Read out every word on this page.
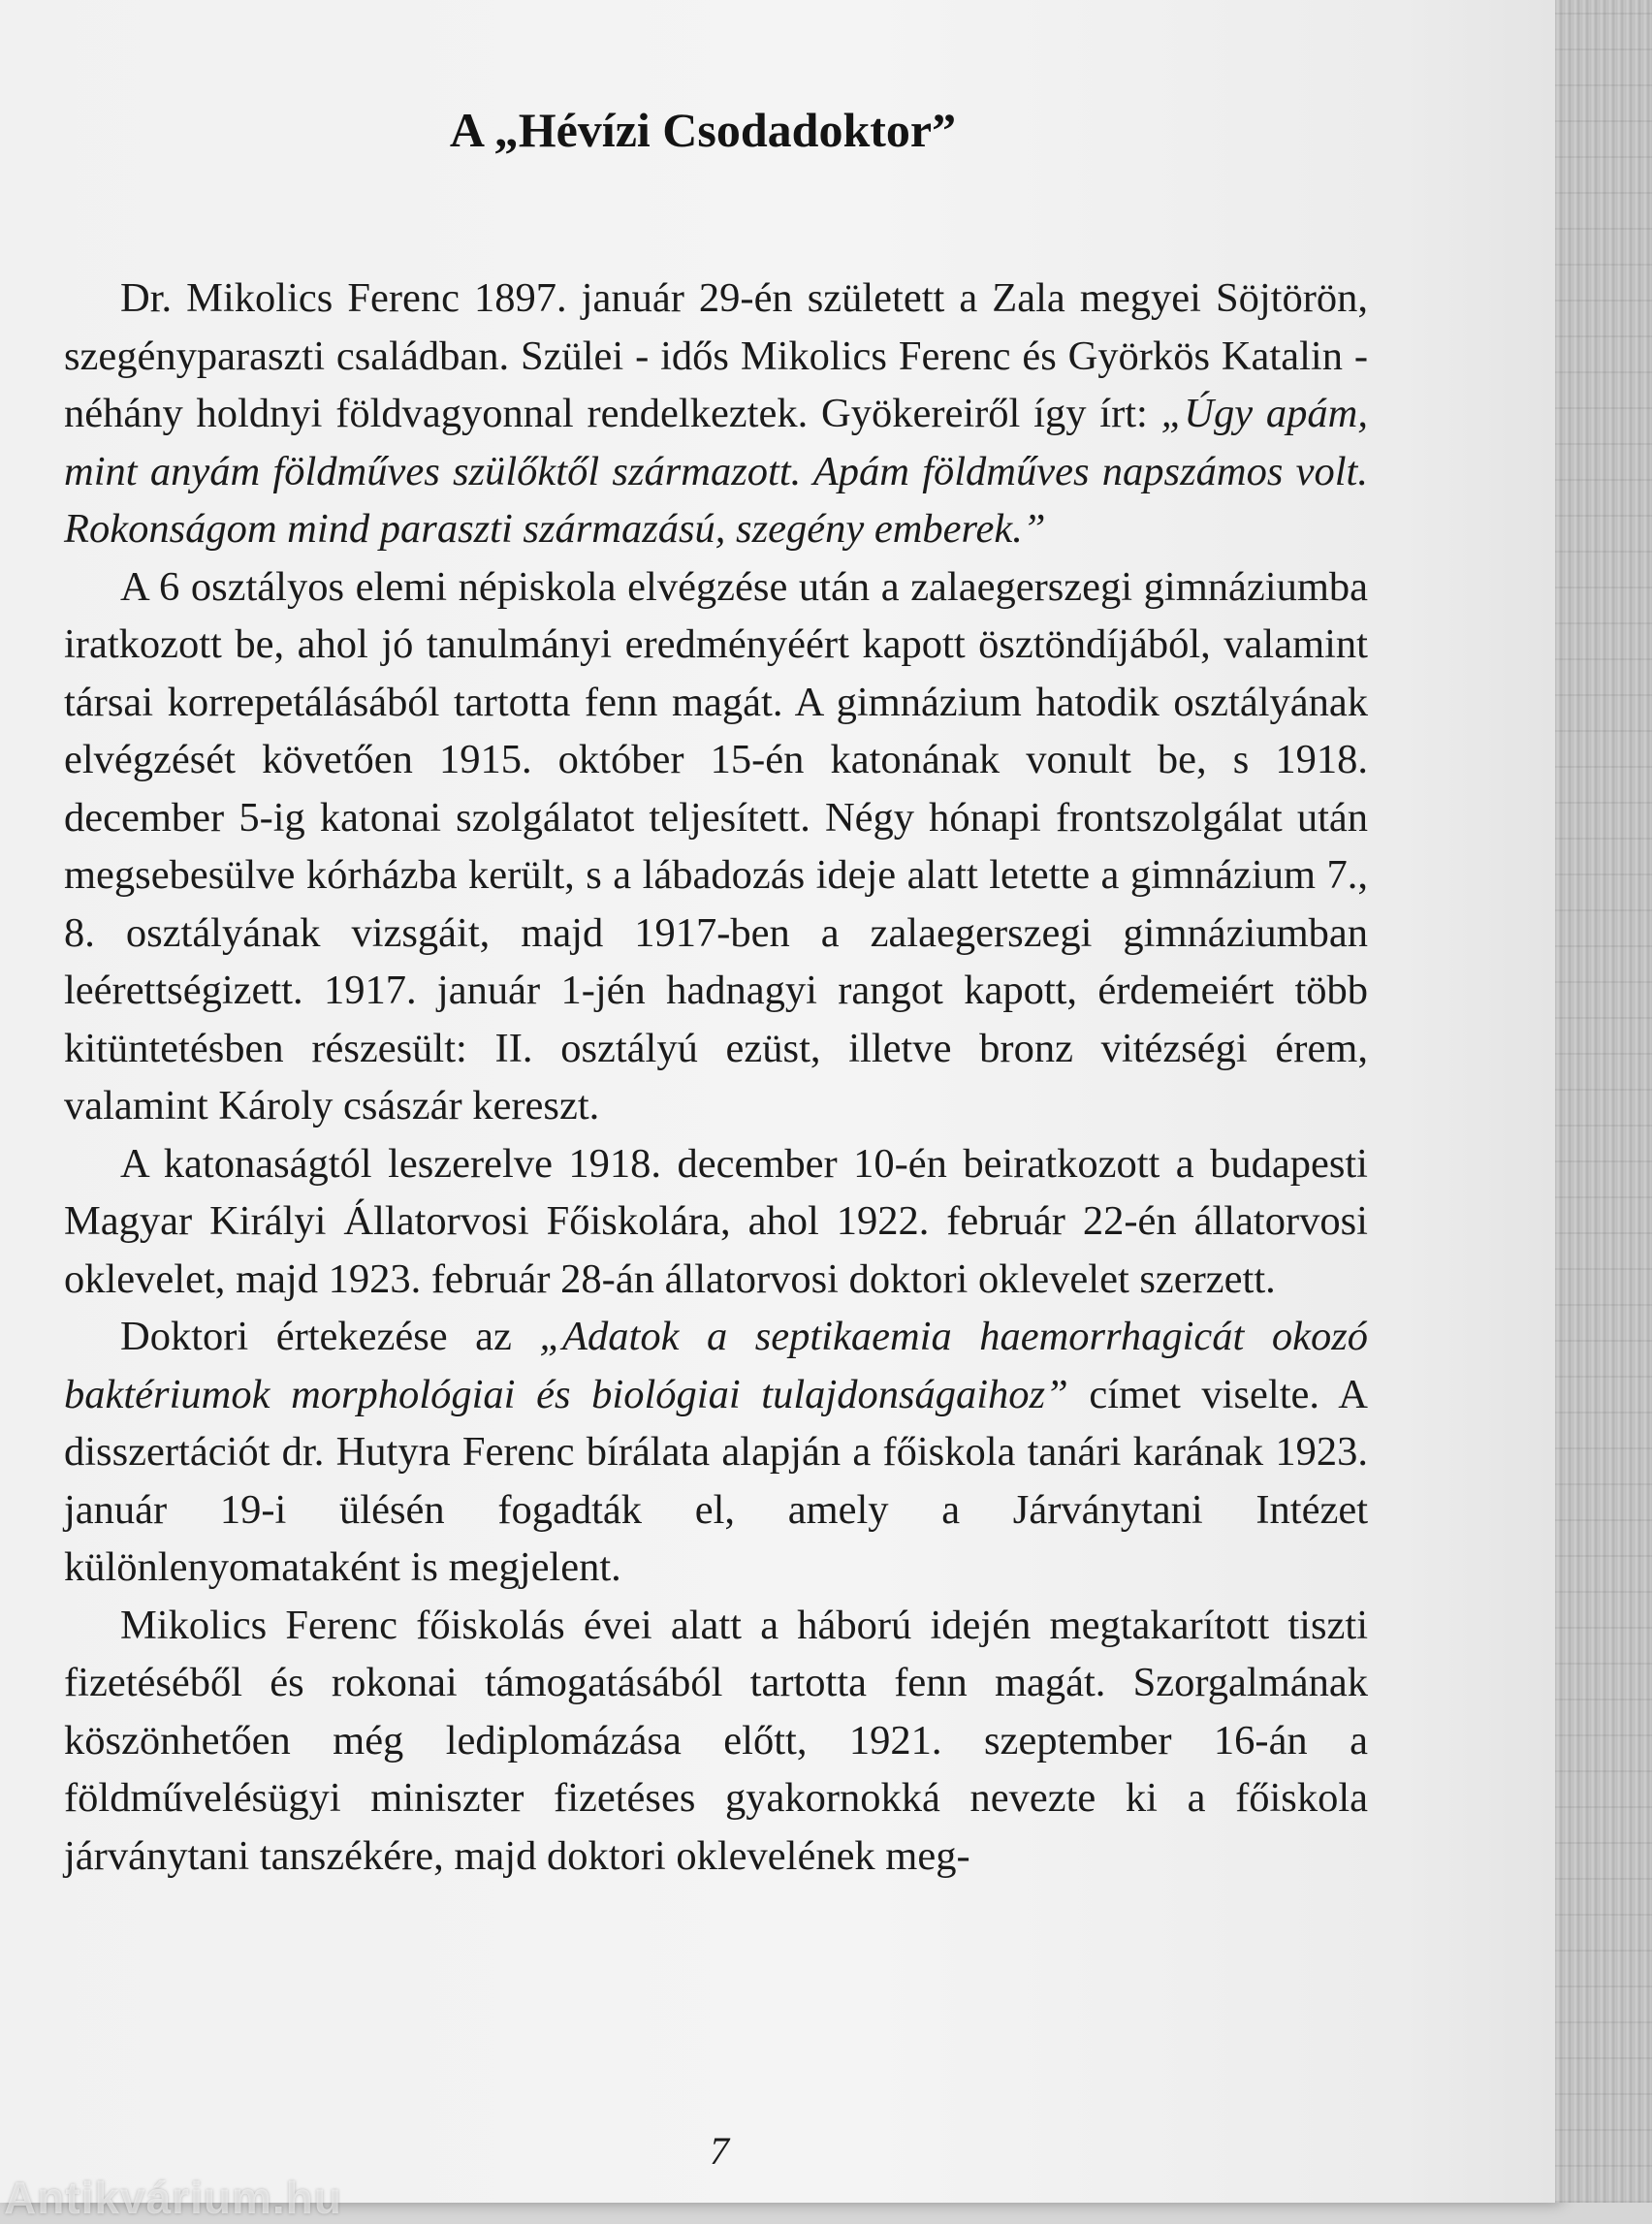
A „Hévízi Csodadoktor”

Dr. Mikolics Ferenc 1897. január 29-én született a Zala megyei Söjtörön, szegényparaszti családban. Szülei - idős Mikolics Ferenc és Györkös Katalin - néhány holdnyi földvagyonnal rendelkeztek. Gyökereiről így írt: „Úgy apám, mint anyám földműves szülőktől származott. Apám földműves napszámos volt. Rokonságom mind paraszti származású, szegény emberek.”

A 6 osztályos elemi népiskola elvégzése után a zalaegerszegi gimnáziumba iratkozott be, ahol jó tanulmányi eredményéért kapott ösztöndíjából, valamint társai korrepetálásából tartotta fenn magát. A gimnázium hatodik osztályának elvégzését követően 1915. október 15-én katonának vonult be, s 1918. december 5-ig katonai szolgálatot teljesített. Négy hónapi frontszolgálat után megsebesülve kórházba került, s a lábadozás ideje alatt letette a gimnázium 7., 8. osztályának vizsgáit, majd 1917-ben a zalaegerszegi gimnáziumban leérettségizett. 1917. január 1-jén hadnagyi rangot kapott, érdemeiért több kitüntetésben részesült: II. osztályú ezüst, illetve bronz vitézségi érem, valamint Károly császár kereszt.

A katonaságtól leszerelve 1918. december 10-én beiratkozott a budapesti Magyar Királyi Állatorvosi Főiskolára, ahol 1922. február 22-én állatorvosi oklevelet, majd 1923. február 28-án állatorvosi doktori oklevelet szerzett.

Doktori értekezése az „Adatok a septikaemia haemorrhagicát okozó baktériumok morphológiai és biológiai tulajdonságaihoz” címet viselte. A disszertációt dr. Hutyra Ferenc bírálata alapján a főiskola tanári karának 1923. január 19-i ülésén fogadták el, amely a Járványtani Intézet különlenyomataként is megjelent.

Mikolics Ferenc főiskolás évei alatt a háború idején megtakarított tiszti fizetéséből és rokonai támogatásából tartotta fenn magát. Szorgalmának köszönhetően még lediplomázása előtt, 1921. szeptember 16-án a földművelésügyi miniszter fizetéses gyakornokká nevezte ki a főiskola járványtani tanszékére, majd doktori oklevelének meg-

7
Antikvárium.hu
